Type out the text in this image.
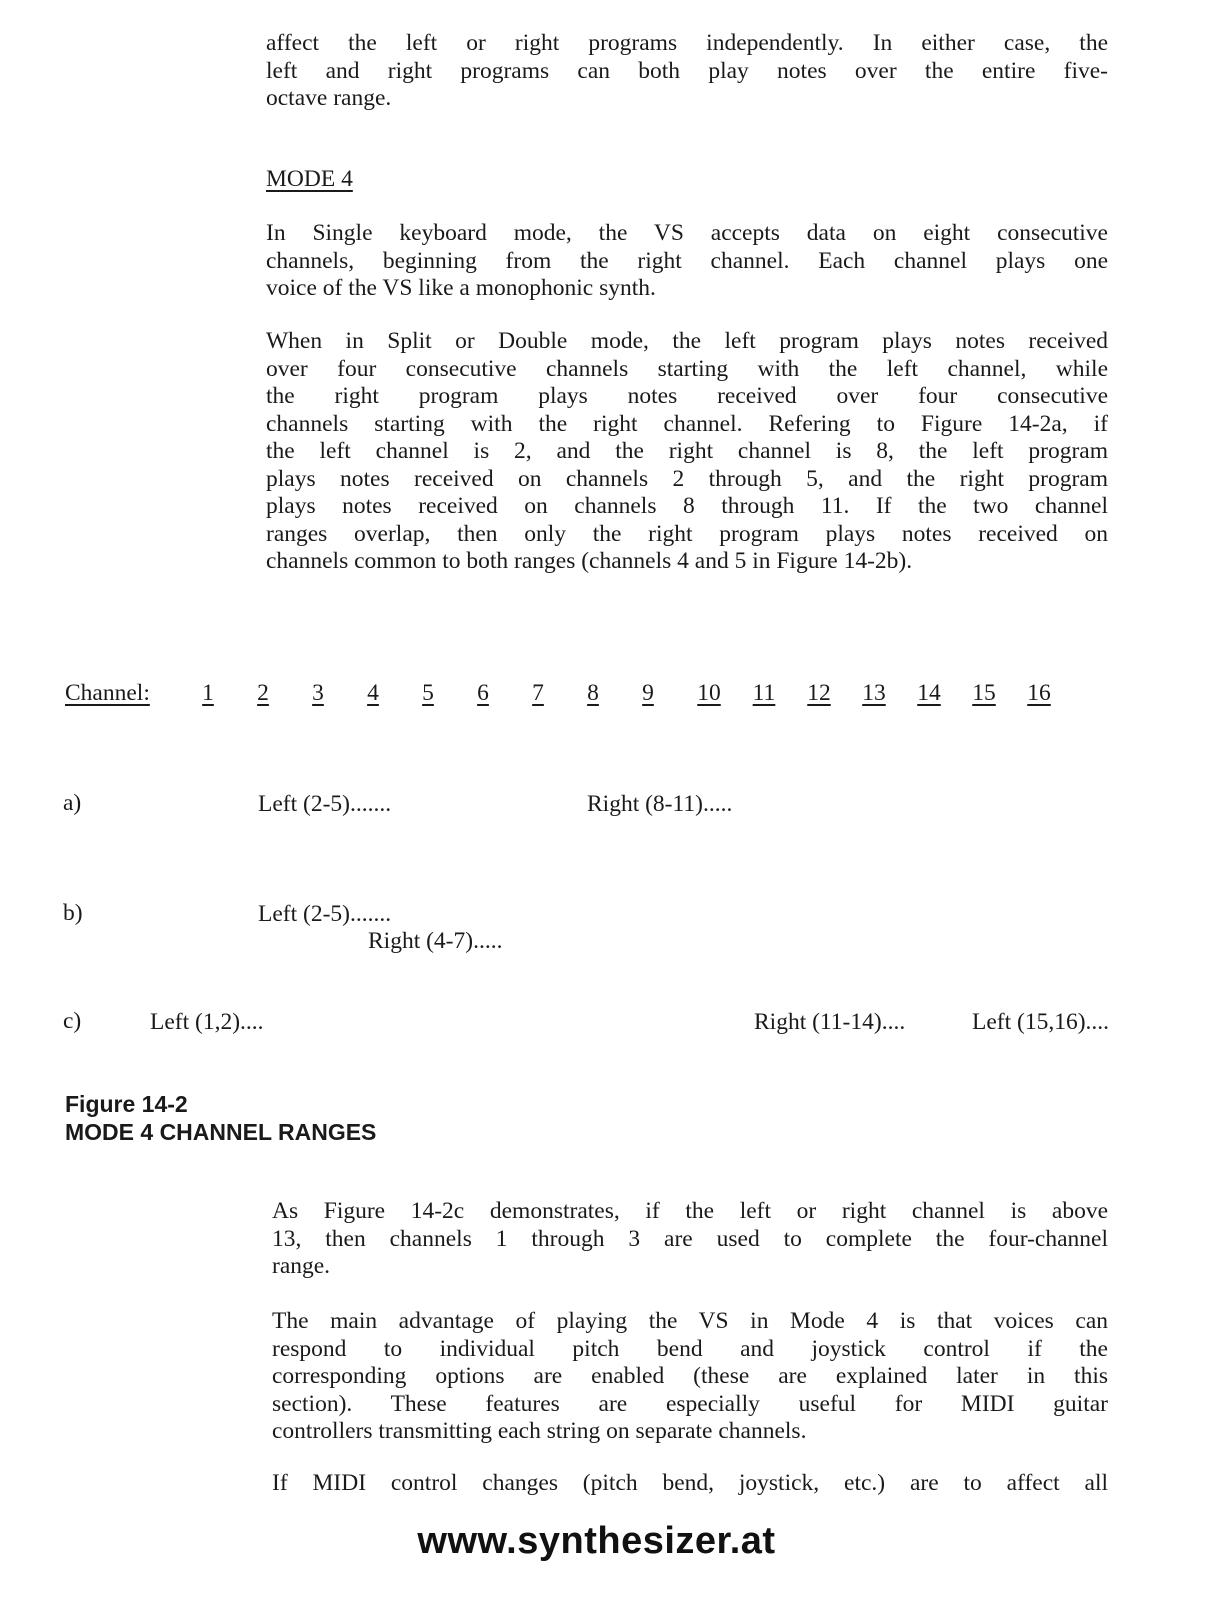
affect the left or right programs independently. In either case, the

left and right programs can both play notes over the entire five-

octave range.

MODE 4

In Single keyboard mode, the VS accepts data on eight consecutive

channels, beginning from the right channel. Each channel plays one

voice of the VS like a monophonic synth.

When in Split or Double mode, the left program plays notes received

over four consecutive channels starting with the left channel, while

the right program plays notes received over four consecutive

channels starting with the right channel. Refering to Figure 14-2a, if

the left channel is 2, and the right channel is 8, the left program

plays notes received on channels 2 through 5, and the right program

plays notes received on channels 8 through 11. If the two channel

ranges overlap, then only the right program plays notes received on

channels common to both ranges (channels 4 and 5 in Figure 14-2b).

Channel:	1	2	3	4	5	6	7	8	9	10	11	12	13	14	15	16
a)	Left (2-5).......	Right (8-11).....
b)	Left (2-5).......
Right (4-7).....
c)	Left (1,2)....	Right (11-14)....	Left (15,16)....
Figure 14-2
MODE 4 CHANNEL RANGES

As Figure 14-2c demonstrates, if the left or right channel is above

13, then channels 1 through 3 are used to complete the four-channel

range.

The main advantage of playing the VS in Mode 4 is that voices can

respond to individual pitch bend and joystick control if the

corresponding options are enabled (these are explained later in this

section). These features are especially useful for MIDI guitar

controllers transmitting each string on separate channels.

If MIDI control changes (pitch bend, joystick, etc.) are to affect all

www.synthesizer.at
